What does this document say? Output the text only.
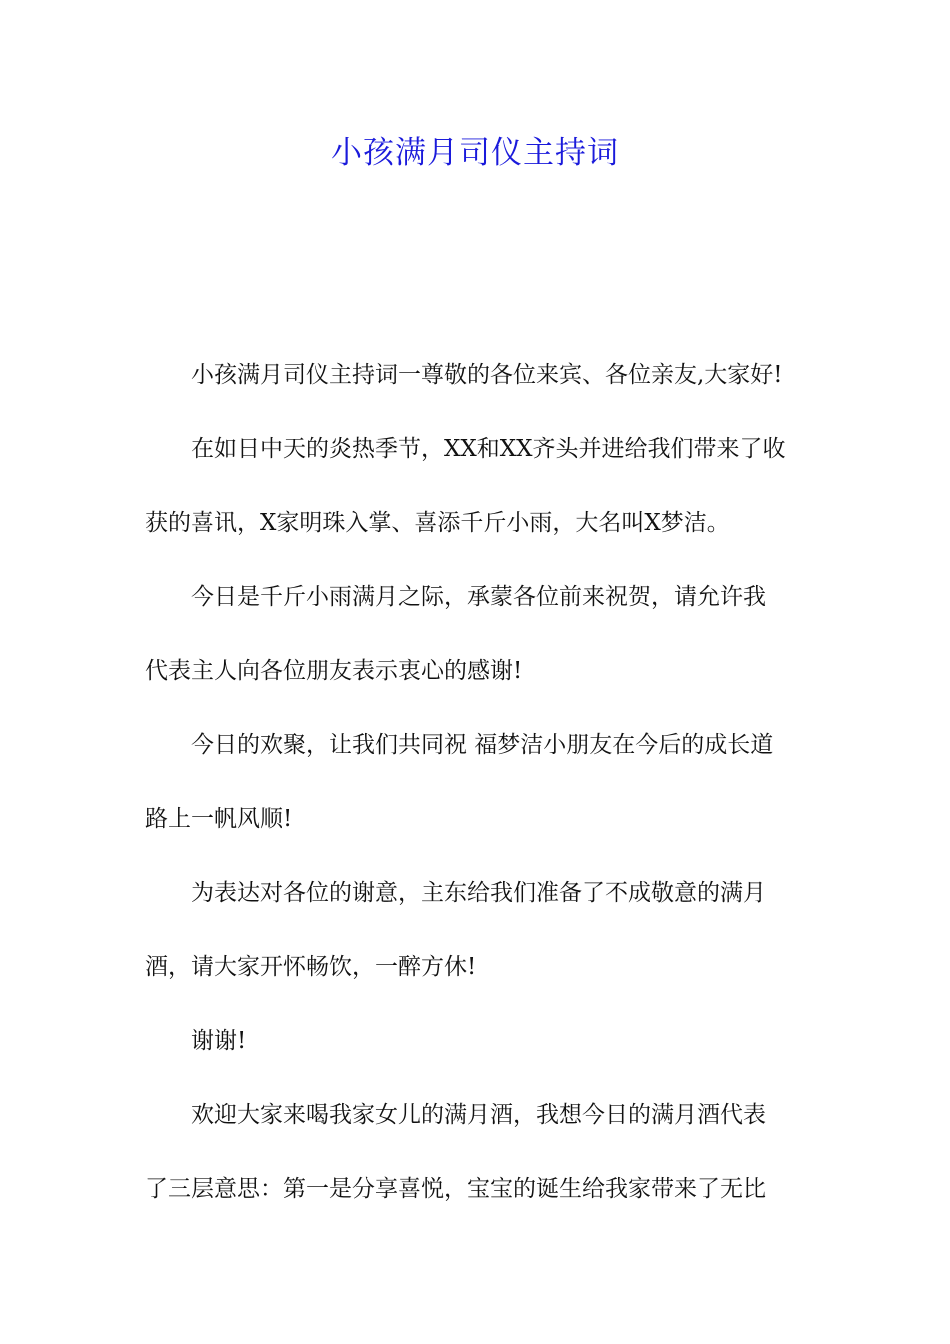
小孩满月司仪主持词

小孩满月司仪主持词一尊敬的各位来宾、各位亲友,大家好!

在如日中天的炎热季节，XX和XX齐头并进给我们带来了收
获的喜讯，X家明珠入掌、喜添千斤小雨，大名叫X梦洁。

今日是千斤小雨满月之际，承蒙各位前来祝贺，请允许我
代表主人向各位朋友表示衷心的感谢!

今日的欢聚，让我们共同祝 福梦洁小朋友在今后的成长道
路上一帆风顺!

为表达对各位的谢意，主东给我们准备了不成敬意的满月
酒，请大家开怀畅饮，一醉方休!

谢谢!

欢迎大家来喝我家女儿的满月酒，我想今日的满月酒代表
了三层意思：第一是分享喜悦，宝宝的诞生给我家带来了无比
